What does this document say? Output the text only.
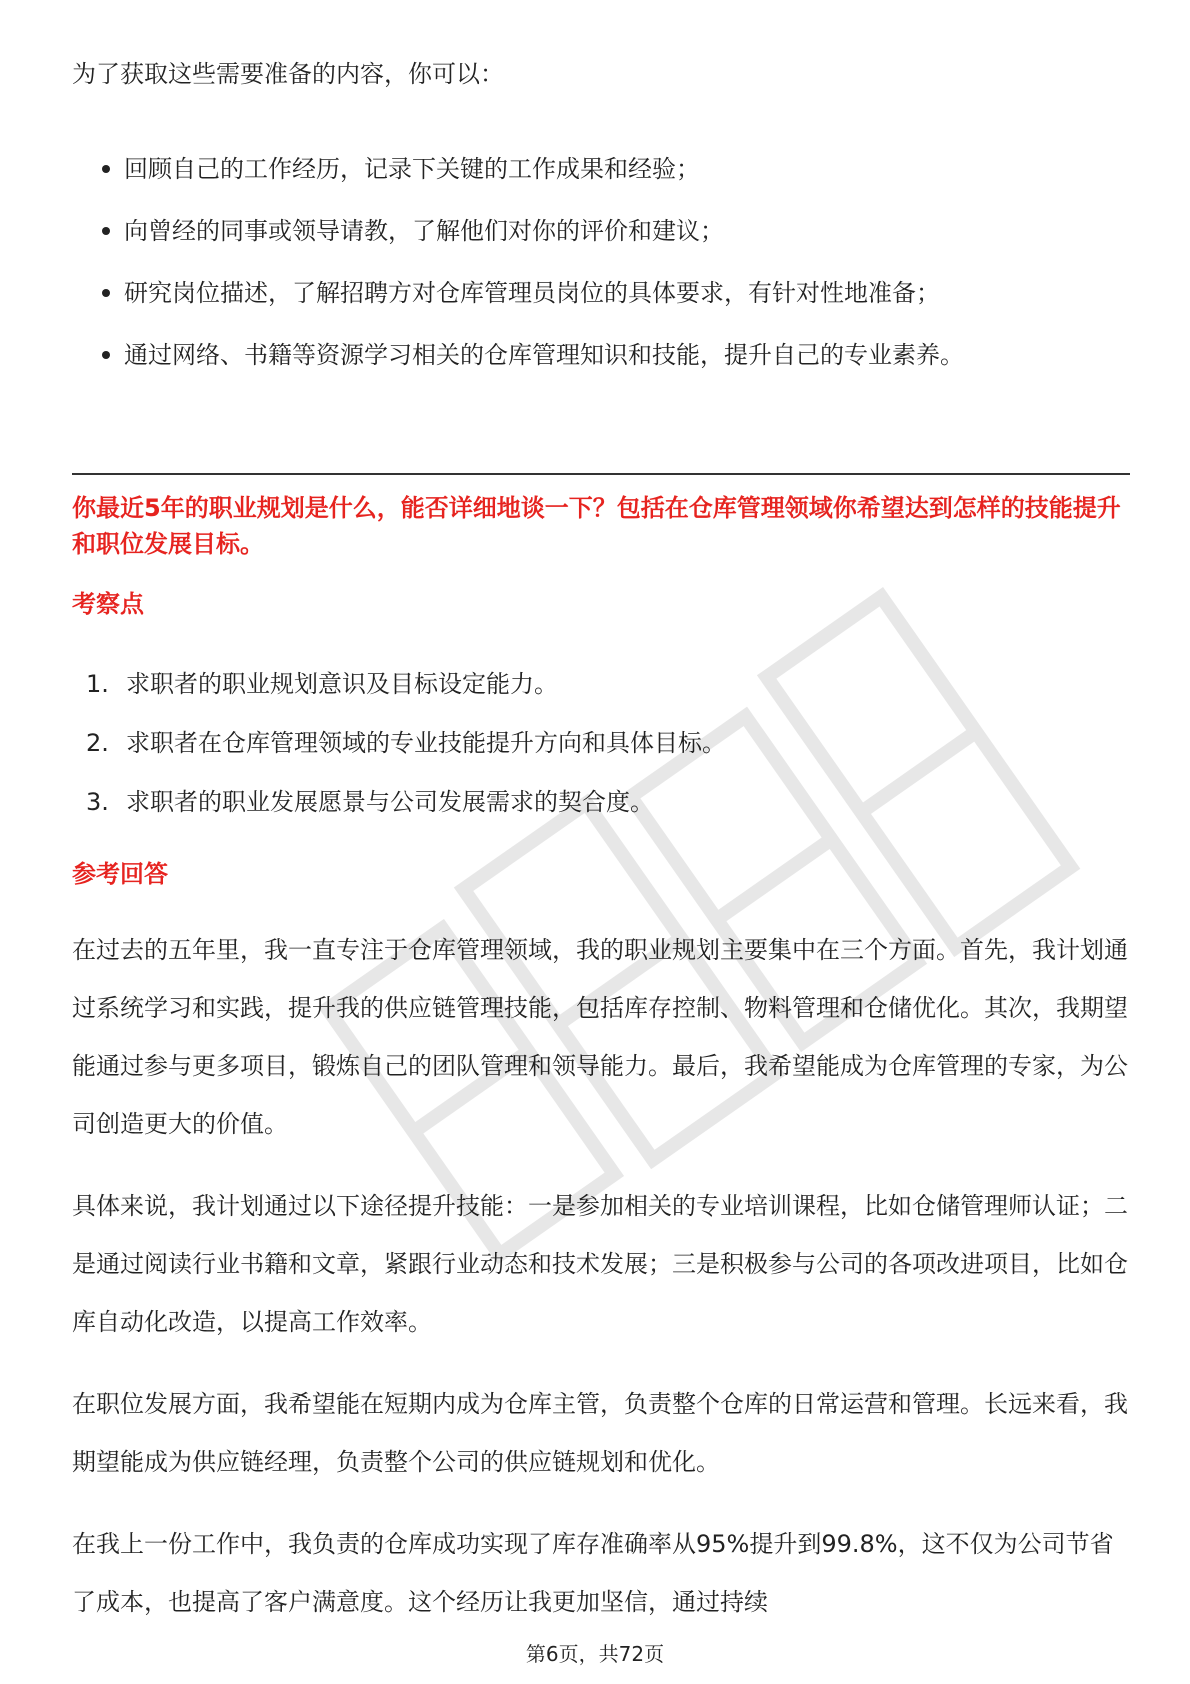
为了获取这些需要准备的内容，你可以：

回顾自己的工作经历，记录下关键的工作成果和经验；
向曾经的同事或领导请教，了解他们对你的评价和建议；
研究岗位描述，了解招聘方对仓库管理员岗位的具体要求，有针对性地准备；
通过网络、书籍等资源学习相关的仓库管理知识和技能，提升自己的专业素养。

你最近5年的职业规划是什么，能否详细地谈一下？包括在仓库管理领域你希望达到怎样的技能提升和职位发展目标。

考察点
1. 求职者的职业规划意识及目标设定能力。
2. 求职者在仓库管理领域的专业技能提升方向和具体目标。
3. 求职者的职业发展愿景与公司发展需求的契合度。
参考回答

在过去的五年里，我一直专注于仓库管理领域，我的职业规划主要集中在三个方面。首先，我计划通过系统学习和实践，提升我的供应链管理技能，包括库存控制、物料管理和仓储优化。其次，我期望能通过参与更多项目，锻炼自己的团队管理和领导能力。最后，我希望能成为仓库管理的专家，为公司创造更大的价值。

具体来说，我计划通过以下途径提升技能：一是参加相关的专业培训课程，比如仓储管理师认证；二是通过阅读行业书籍和文章，紧跟行业动态和技术发展；三是积极参与公司的各项改进项目，比如仓库自动化改造，以提高工作效率。

在职位发展方面，我希望能在短期内成为仓库主管，负责整个仓库的日常运营和管理。长远来看，我期望能成为供应链经理，负责整个公司的供应链规划和优化。

在我上一份工作中，我负责的仓库成功实现了库存准确率从95%提升到99.8%，这不仅为公司节省了成本，也提高了客户满意度。这个经历让我更加坚信，通过持续

第6页，共72页
